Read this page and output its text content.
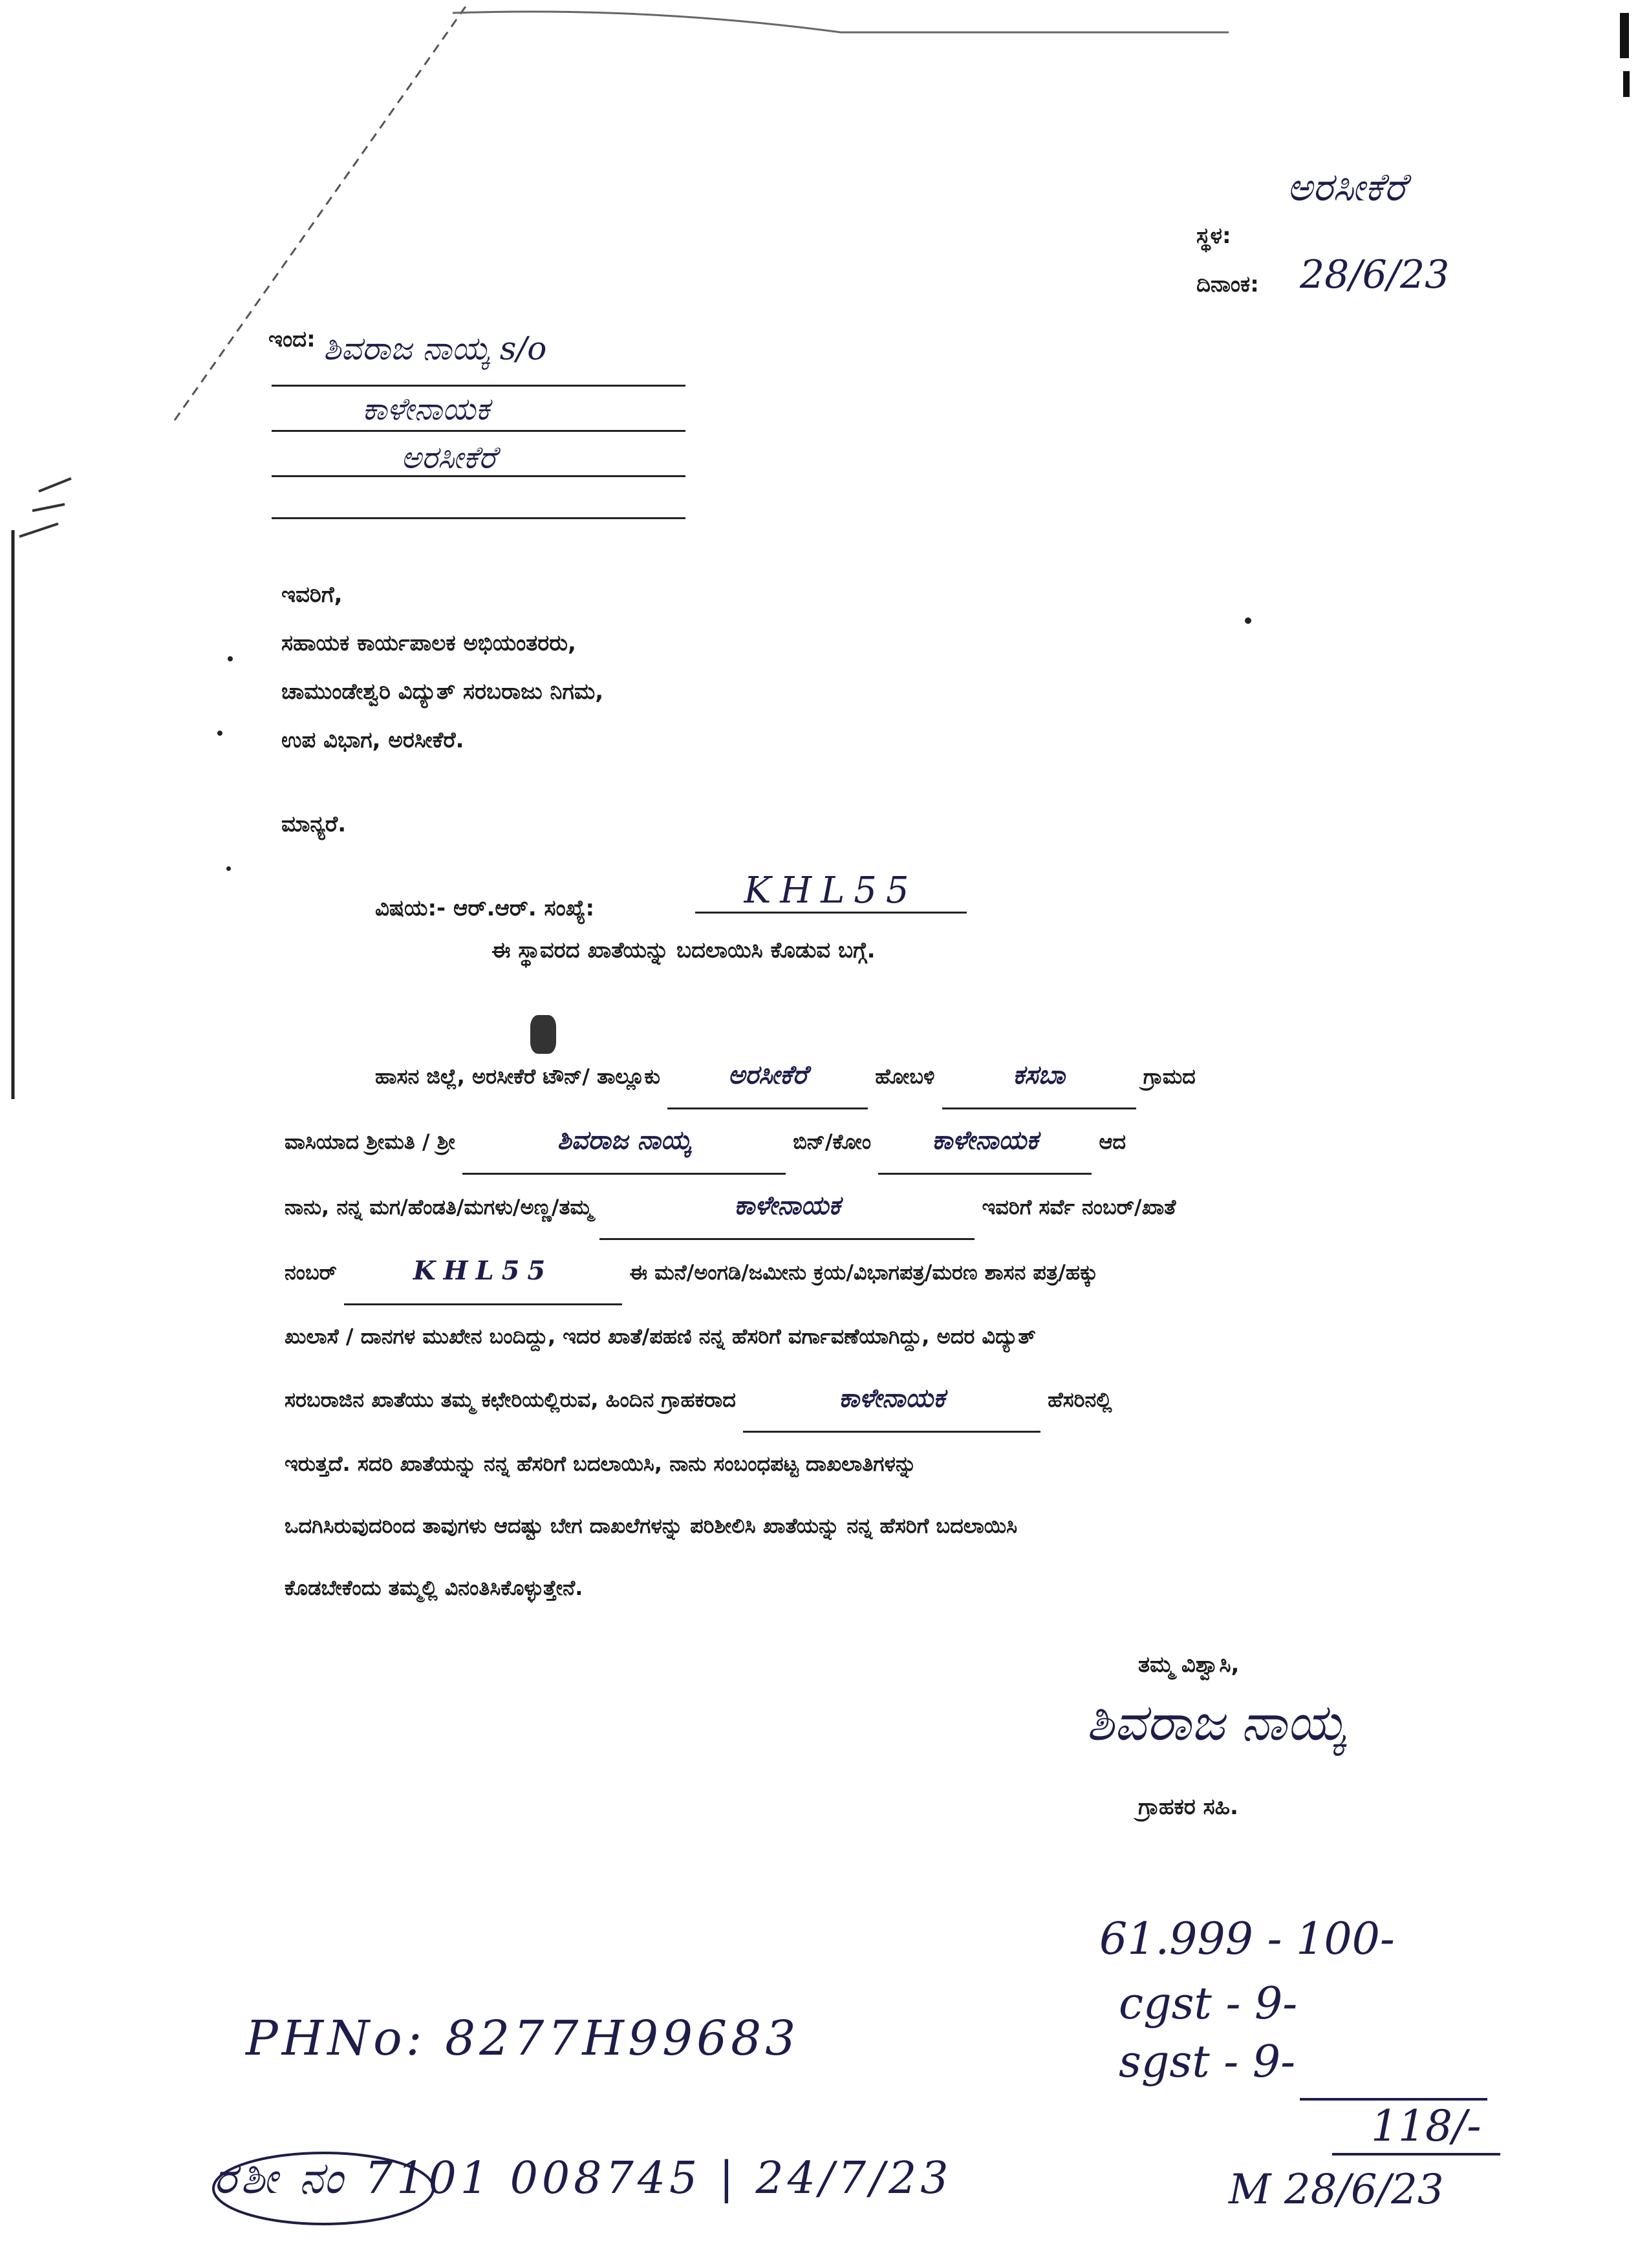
ಸ್ಥಳ:
ಅರಸೀಕೆರೆ
ದಿನಾಂಕ: 28/6/23
ಇಂದ: ಶಿವರಾಜ ನಾಯ್ಕ s/o
ಕಾಳೇನಾಯಕ
ಅರಸೀಕೆರೆ
ಇವರಿಗೆ,
ಸಹಾಯಕ ಕಾರ್ಯಪಾಲಕ ಅಭಿಯಂತರರು,
ಚಾಮುಂಡೇಶ್ವರಿ ವಿದ್ಯುತ್ ಸರಬರಾಜು ನಿಗಮ,
ಉಪ ವಿಭಾಗ, ಅರಸೀಕೆರೆ.
ಮಾನ್ಯರೆ.
ವಿಷಯ:- ಆರ್.ಆರ್. ಸಂಖ್ಯೆ:	KHL55
ಈ ಸ್ಥಾವರದ ಖಾತೆಯನ್ನು ಬದಲಾಯಿಸಿ ಕೊಡುವ ಬಗ್ಗೆ.
ಹಾಸನ ಜಿಲ್ಲೆ, ಅರಸೀಕೆರೆ ಟೌನ್/ ತಾಲ್ಲೂಕು	ಅರಸೀಕೆರೆ	ಹೋಬಳಿ	ಕಸಬಾ	ಗ್ರಾಮದ
ವಾಸಿಯಾದ ಶ್ರೀಮತಿ / ಶ್ರೀ	ಶಿವರಾಜ ನಾಯ್ಕ	ಬಿನ್/ಕೋಂ ಕಾಳೇನಾಯಕ	ಆದ
ನಾನು, ನನ್ನ ಮಗ/ಹೆಂಡತಿ/ಮಗಳು/ಅಣ್ಣ/ತಮ್ಮ	ಕಾಳೇನಾಯಕ	ಇವರಿಗೆ ಸರ್ವೆ ನಂಬರ್/ಖಾತೆ
ನಂಬರ್	KHL55	ಈ ಮನೆ/ಅಂಗಡಿ/ಜಮೀನು ಕ್ರಯ/ವಿಭಾಗಪತ್ರ/ಮರಣ ಶಾಸನ ಪತ್ರ/ಹಕ್ಕು
ಖುಲಾಸೆ / ದಾನಗಳ ಮುಖೇನ ಬಂದಿದ್ದು, ಇದರ ಖಾತೆ/ಪಹಣಿ ನನ್ನ ಹೆಸರಿಗೆ ವರ್ಗಾವಣೆಯಾಗಿದ್ದು, ಅದರ ವಿದ್ಯುತ್
ಸರಬರಾಜಿನ ಖಾತೆಯು ತಮ್ಮ ಕಛೇರಿಯಲ್ಲಿರುವ, ಹಿಂದಿನ ಗ್ರಾಹಕರಾದ	ಕಾಳೇನಾಯಕ	ಹೆಸರಿನಲ್ಲಿ
ಇರುತ್ತದೆ. ಸದರಿ ಖಾತೆಯನ್ನು ನನ್ನ ಹೆಸರಿಗೆ ಬದಲಾಯಿಸಿ, ನಾನು ಸಂಬಂಧಪಟ್ಟ ದಾಖಲಾತಿಗಳನ್ನು
ಒದಗಿಸಿರುವುದರಿಂದ ತಾವುಗಳು ಆದಷ್ಟು ಬೇಗ ದಾಖಲೆಗಳನ್ನು ಪರಿಶೀಲಿಸಿ ಖಾತೆಯನ್ನು ನನ್ನ ಹೆಸರಿಗೆ ಬದಲಾಯಿಸಿ
ಕೊಡಬೇಕೆಂದು ತಮ್ಮಲ್ಲಿ ವಿನಂತಿಸಿಕೊಳ್ಳುತ್ತೇನೆ.
ತಮ್ಮ ವಿಶ್ವಾಸಿ,
ಶಿವರಾಜ ನಾಯ್ಕ
ಗ್ರಾಹಕರ ಸಹಿ.
PHNo: 8277H99683
ರಶೀ ನಂ 7101 008745 | 24/7/23
61.999 - 100-
cgst - 9-
sgst - 9-
118/-
M 28/6/23
